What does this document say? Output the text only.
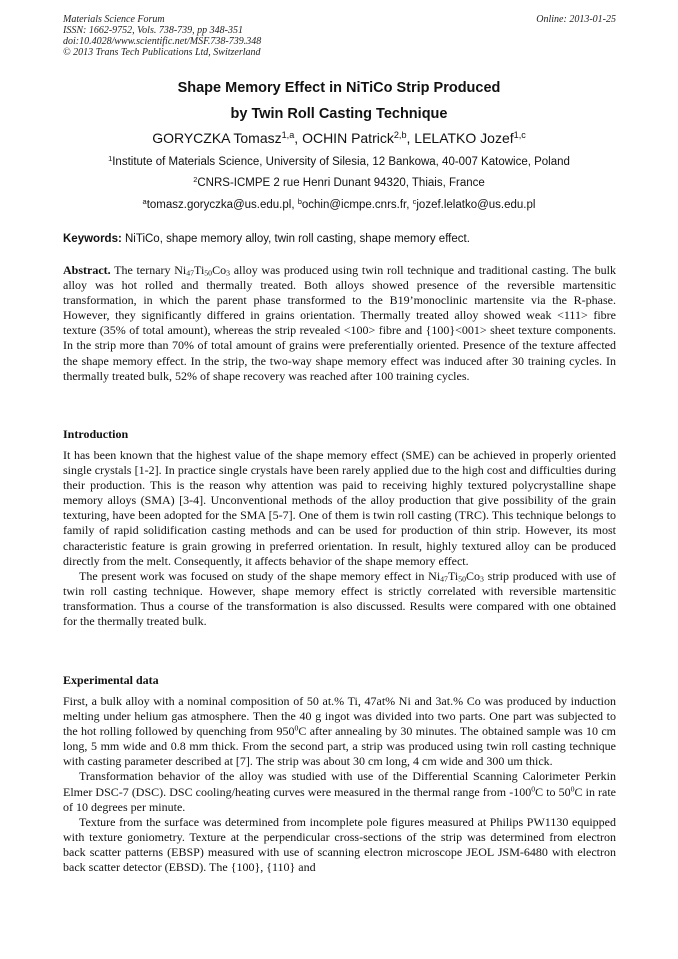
Materials Science Forum
ISSN: 1662-9752, Vols. 738-739, pp 348-351
doi:10.4028/www.scientific.net/MSF.738-739.348
© 2013 Trans Tech Publications Ltd, Switzerland
Online: 2013-01-25
Shape Memory Effect in NiTiCo Strip Produced
by Twin Roll Casting Technique
GORYCZKA Tomasz$^{1,a}$, OCHIN Patrick$^{2,b}$, LELATKO Jozef$^{1,c}$
$^1$Institute of Materials Science, University of Silesia, 12 Bankowa, 40-007 Katowice, Poland
$^2$CNRS-ICMPE 2 rue Henri Dunant 94320, Thiais, France
$^a$tomasz.goryczka@us.edu.pl, $^b$ochin@icmpe.cnrs.fr, $^c$jozef.lelatko@us.edu.pl
Keywords: NiTiCo, shape memory alloy, twin roll casting, shape memory effect.
Abstract. The ternary $Ni_{47}Ti_{50}Co_3$ alloy was produced using twin roll technique and traditional casting. The bulk alloy was hot rolled and thermally treated. Both alloys showed presence of the reversible martensitic transformation, in which the parent phase transformed to the B19’monoclinic martensite via the R-phase. However, they significantly differed in grains orientation. Thermally treated alloy showed weak <111> fibre texture (35% of total amount), whereas the strip revealed <100> fibre and {100}<001> sheet texture components. In the strip more than 70% of total amount of grains were preferentially oriented. Presence of the texture affected the shape memory effect. In the strip, the two-way shape memory effect was induced after 30 training cycles. In thermally treated bulk, 52% of shape recovery was reached after 100 training cycles.
Introduction

It has been known that the highest value of the shape memory effect (SME) can be achieved in properly oriented single crystals [1-2]. In practice single crystals have been rarely applied due to the high cost and difficulties during their production. This is the reason why attention was paid to receiving highly textured polycrystalline shape memory alloys (SMA) [3-4]. Unconventional methods of the alloy production that give possibility of the grain texturing, have been adopted for the SMA [5-7]. One of them is twin roll casting (TRC). This technique belongs to family of rapid solidification casting methods and can be used for production of thin strip. However, its most characteristic feature is grain growing in preferred orientation. In result, highly textured alloy can be produced directly from the melt. Consequently, it affects behavior of the shape memory effect.

The present work was focused on study of the shape memory effect in $Ni_{47}Ti_{50}Co_3$ strip produced with use of twin roll casting technique. However, shape memory effect is strictly correlated with reversible martensitic transformation. Thus a course of the transformation is also discussed. Results were compared with one obtained for the thermally treated bulk.

Experimental data

First, a bulk alloy with a nominal composition of 50 at.% Ti, 47at% Ni and 3at.% Co was produced by induction melting under helium gas atmosphere. Then the 40 g ingot was divided into two parts. One part was subjected to the hot rolling followed by quenching from $950^0C$ after annealing by 30 minutes. The obtained sample was 10 cm long, 5 mm wide and 0.8 mm thick. From the second part, a strip was produced using twin roll casting technique with casting parameter described at [7]. The strip was about 30 cm long, 4 cm wide and 300 um thick.

Transformation behavior of the alloy was studied with use of the Differential Scanning Calorimeter Perkin Elmer DSC-7 (DSC). DSC cooling/heating curves were measured in the thermal range from $-100^0C$ to $50^0C$ in rate of 10 degrees per minute.

Texture from the surface was determined from incomplete pole figures measured at Philips PW1130 equipped with texture goniometry. Texture at the perpendicular cross-sections of the strip was determined from electron back scatter patterns (EBSP) measured with use of scanning electron microscope JEOL JSM-6480 with electron back scatter detector (EBSD). The {100}, {110} and
